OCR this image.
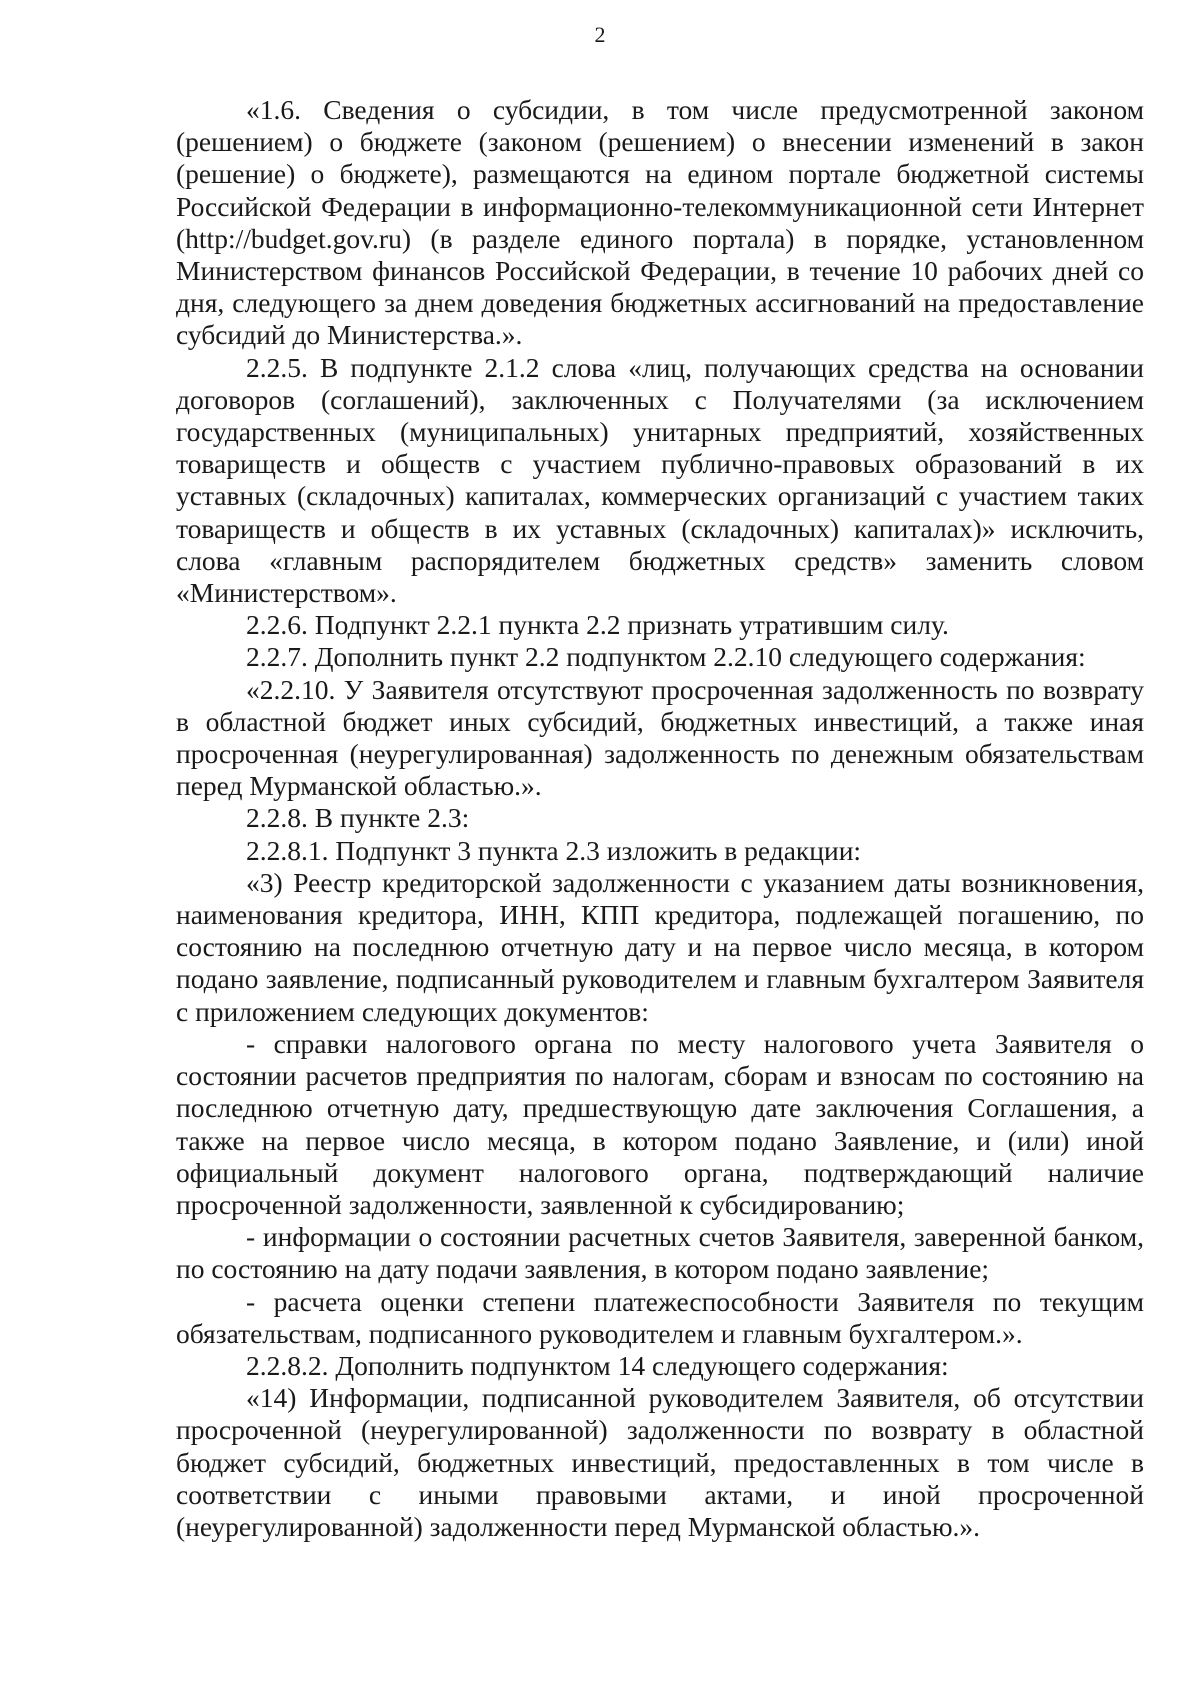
2

«1.6. Сведения о субсидии, в том числе предусмотренной законом (решением) о бюджете (законом (решением) о внесении изменений в закон (решение) о бюджете), размещаются на едином портале бюджетной системы Российской Федерации в информационно-телекоммуникационной сети Интернет (http://budget.gov.ru) (в разделе единого портала) в порядке, установленном Министерством финансов Российской Федерации, в течение 10 рабочих дней со дня, следующего за днем доведения бюджетных ассигнований на предоставление субсидий до Министерства.».

2.2.5. В подпункте 2.1.2 слова «лиц, получающих средства на основании договоров (соглашений), заключенных с Получателями (за исключением государственных (муниципальных) унитарных предприятий, хозяйственных товариществ и обществ с участием публично-правовых образований в их уставных (складочных) капиталах, коммерческих организаций с участием таких товариществ и обществ в их уставных (складочных) капиталах)» исключить, слова «главным распорядителем бюджетных средств» заменить словом «Министерством».

2.2.6. Подпункт 2.2.1 пункта 2.2 признать утратившим силу.

2.2.7. Дополнить пункт 2.2 подпунктом 2.2.10 следующего содержания:

«2.2.10. У Заявителя отсутствуют просроченная задолженность по возврату в областной бюджет иных субсидий, бюджетных инвестиций, а также иная просроченная (неурегулированная) задолженность по денежным обязательствам перед Мурманской областью.».

2.2.8. В пункте 2.3:

2.2.8.1. Подпункт 3 пункта 2.3 изложить в редакции:

«3) Реестр кредиторской задолженности с указанием даты возникновения, наименования кредитора, ИНН, КПП кредитора, подлежащей погашению, по состоянию на последнюю отчетную дату и на первое число месяца, в котором подано заявление, подписанный руководителем и главным бухгалтером Заявителя с приложением следующих документов:

- справки налогового органа по месту налогового учета Заявителя о состоянии расчетов предприятия по налогам, сборам и взносам по состоянию на последнюю отчетную дату, предшествующую дате заключения Соглашения, а также на первое число месяца, в котором подано Заявление, и (или) иной официальный документ налогового органа, подтверждающий наличие просроченной задолженности, заявленной к субсидированию;

- информации о состоянии расчетных счетов Заявителя, заверенной банком, по состоянию на дату подачи заявления, в котором подано заявление;

- расчета оценки степени платежеспособности Заявителя по текущим обязательствам, подписанного руководителем и главным бухгалтером.».

2.2.8.2. Дополнить подпунктом 14 следующего содержания:

«14) Информации, подписанной руководителем Заявителя, об отсутствии просроченной (неурегулированной) задолженности по возврату в областной бюджет субсидий, бюджетных инвестиций, предоставленных в том числе в соответствии с иными правовыми актами, и иной просроченной (неурегулированной) задолженности перед Мурманской областью.».
